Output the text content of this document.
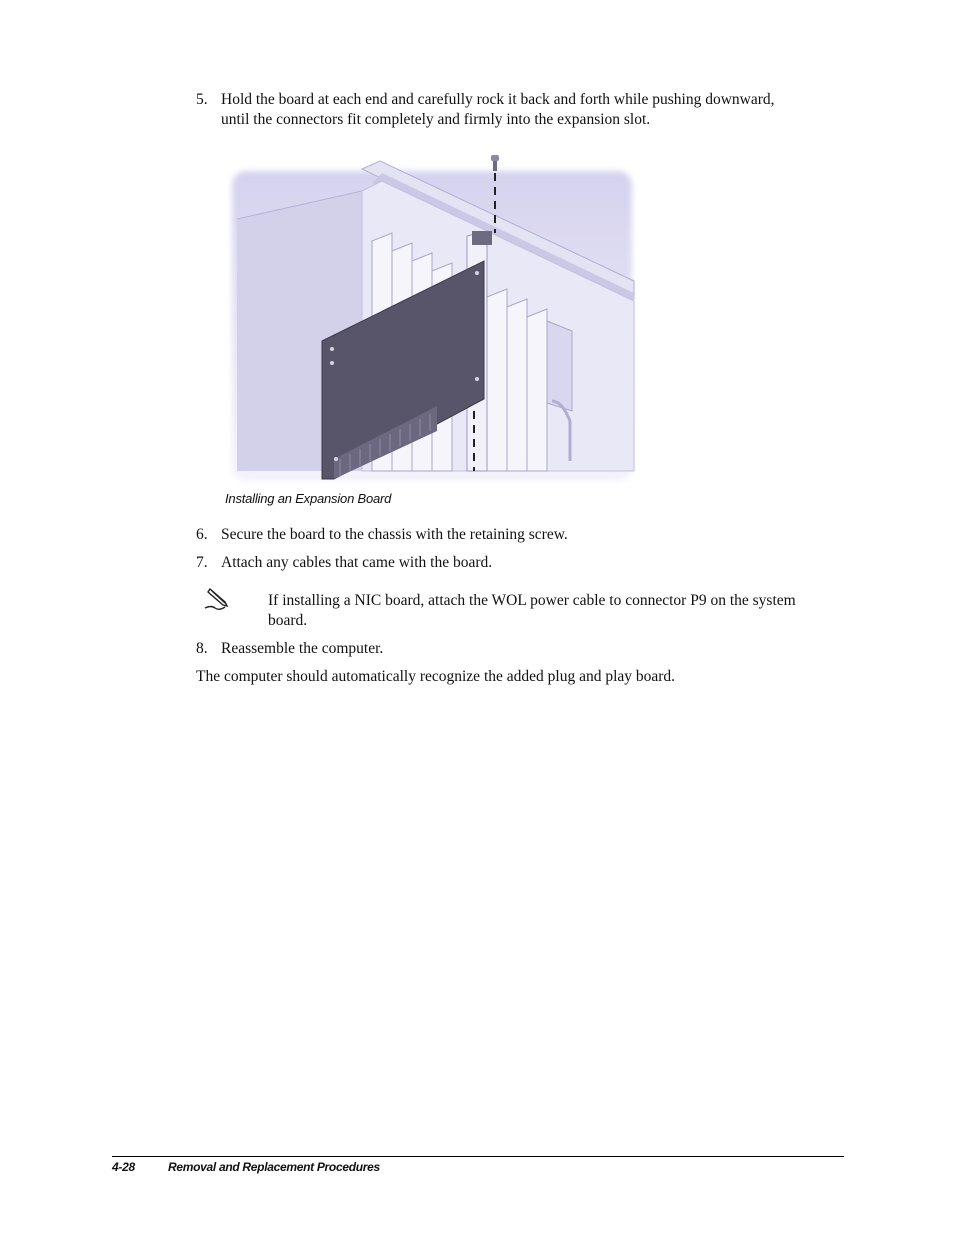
5. Hold the board at each end and carefully rock it back and forth while pushing downward, until the connectors fit completely and firmly into the expansion slot.
Installing an Expansion Board
6. Secure the board to the chassis with the retaining screw.
7. Attach any cables that came with the board.
If installing a NIC board, attach the WOL power cable to connector P9 on the system board.
8. Reassemble the computer.
The computer should automatically recognize the added plug and play board.
4-28	Removal and Replacement Procedures
